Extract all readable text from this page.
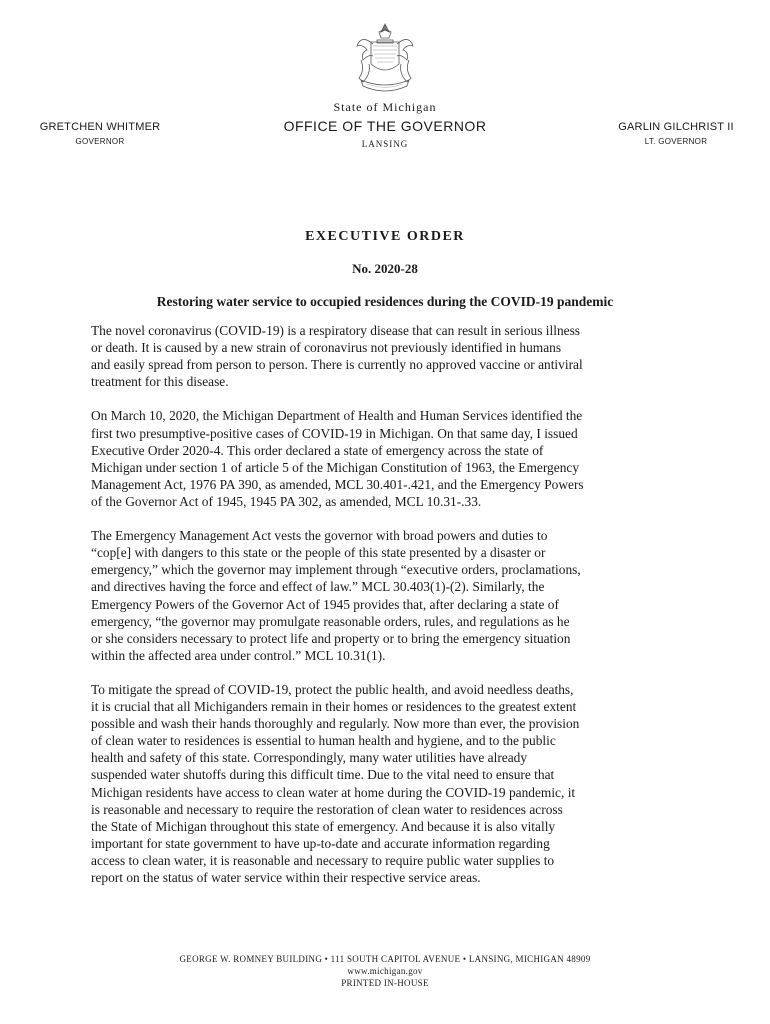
State of Michigan
OFFICE OF THE GOVERNOR
LANSING
GRETCHEN WHITMER
GOVERNOR
GARLIN GILCHRIST II
LT. GOVERNOR
EXECUTIVE ORDER
No. 2020-28
Restoring water service to occupied residences during the COVID-19 pandemic

The novel coronavirus (COVID-19) is a respiratory disease that can result in serious illness
or death. It is caused by a new strain of coronavirus not previously identified in humans
and easily spread from person to person. There is currently no approved vaccine or antiviral
treatment for this disease.

On March 10, 2020, the Michigan Department of Health and Human Services identified the
first two presumptive-positive cases of COVID-19 in Michigan. On that same day, I issued
Executive Order 2020-4. This order declared a state of emergency across the state of
Michigan under section 1 of article 5 of the Michigan Constitution of 1963, the Emergency
Management Act, 1976 PA 390, as amended, MCL 30.401-.421, and the Emergency Powers
of the Governor Act of 1945, 1945 PA 302, as amended, MCL 10.31-.33.

The Emergency Management Act vests the governor with broad powers and duties to
“cop[e] with dangers to this state or the people of this state presented by a disaster or
emergency,” which the governor may implement through “executive orders, proclamations,
and directives having the force and effect of law.” MCL 30.403(1)-(2). Similarly, the
Emergency Powers of the Governor Act of 1945 provides that, after declaring a state of
emergency, “the governor may promulgate reasonable orders, rules, and regulations as he
or she considers necessary to protect life and property or to bring the emergency situation
within the affected area under control.” MCL 10.31(1).

To mitigate the spread of COVID-19, protect the public health, and avoid needless deaths,
it is crucial that all Michiganders remain in their homes or residences to the greatest extent
possible and wash their hands thoroughly and regularly. Now more than ever, the provision
of clean water to residences is essential to human health and hygiene, and to the public
health and safety of this state. Correspondingly, many water utilities have already
suspended water shutoffs during this difficult time. Due to the vital need to ensure that
Michigan residents have access to clean water at home during the COVID-19 pandemic, it
is reasonable and necessary to require the restoration of clean water to residences across
the State of Michigan throughout this state of emergency. And because it is also vitally
important for state government to have up-to-date and accurate information regarding
access to clean water, it is reasonable and necessary to require public water supplies to
report on the status of water service within their respective service areas.

GEORGE W. ROMNEY BUILDING • 111 SOUTH CAPITOL AVENUE • LANSING, MICHIGAN 48909
www.michigan.gov
PRINTED IN-HOUSE
